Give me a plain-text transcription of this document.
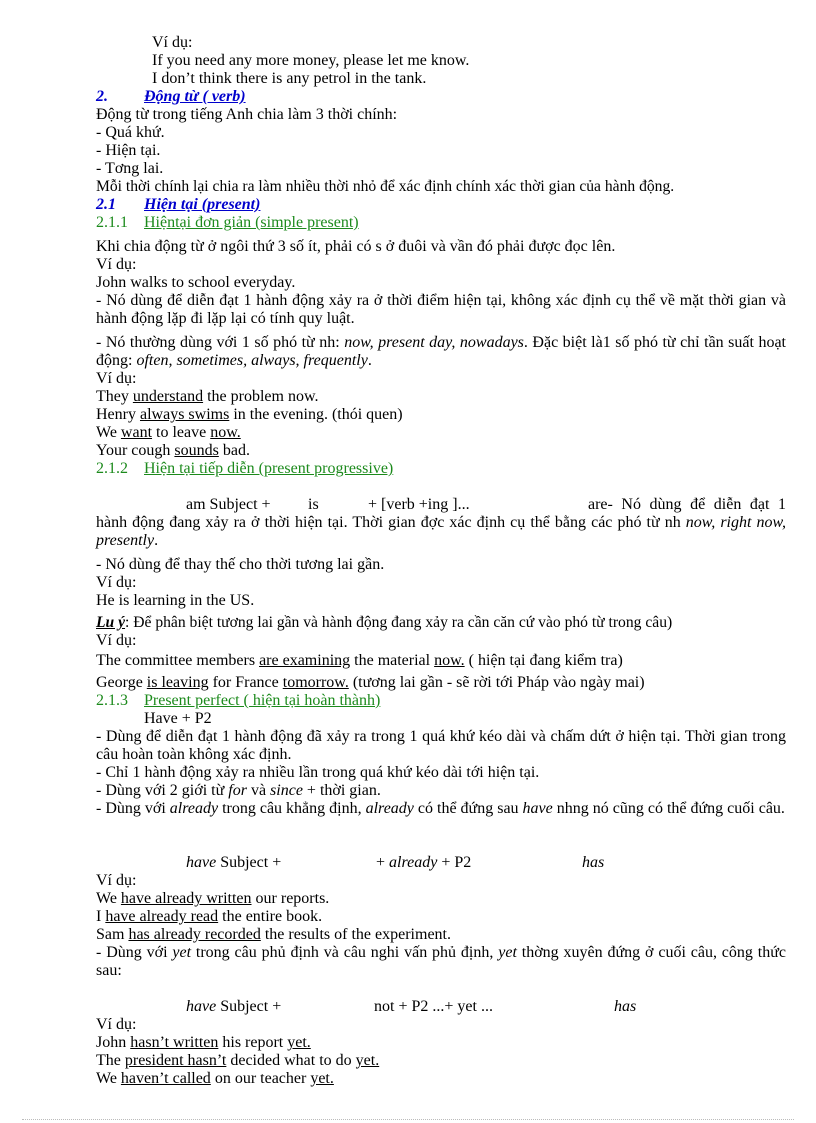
Ví dụ:
If you need any more money, please let me know.
I don’t think there is any petrol in the tank.
2. Động từ ( verb)
Động từ trong tiếng Anh chia làm 3 thời chính:
- Quá khứ.
- Hiện tại.
- Tơng lai.
Mỗi thời chính lại chia ra làm nhiều thời nhỏ để xác định chính xác thời gian của hành động.
2.1 Hiện tại (present)
2.1.1 Hiệntại đơn giản (simple present)
Khi chia động từ ở ngôi thứ 3 số ít, phải có s ở đuôi và vần đó phải được đọc lên.
Ví dụ:
John walks to school everyday.
- Nó dùng để diễn đạt 1 hành động xảy ra ở thời điểm hiện tại, không xác định cụ thể về mặt thời gian và hành động lặp đi lặp lại có tính quy luật.
- Nó thường dùng với 1 số phó từ nh: now, present day, nowadays. Đặc biệt là1 số phó từ chỉ tần suất hoạt động: often, sometimes, always, frequently.
Ví dụ:
They understand the problem now.
Henry always swims in the evening. (thói quen)
We want to leave now.
Your cough sounds bad.
2.1.2 Hiện tại tiếp diễn (present progressive)
am Subject + is	+ [verb +ing ]...	are- Nó dùng để diễn đạt 1
hành động đang xảy ra ở thời hiện tại. Thời gian đợc xác định cụ thể bằng các phó từ nh now, right now, presently.
- Nó dùng để thay thế cho thời tương lai gần.
Ví dụ:
He is learning in the US.
Lu ý: Để phân biệt tương lai gần và hành động đang xảy ra cần căn cứ vào phó từ trong câu)
Ví dụ:
The committee members are examining the material now. ( hiện tại đang kiểm tra)
George is leaving for France tomorrow. (tương lai gần - sẽ rời tới Pháp vào ngày mai)
2.1.3 Present perfect ( hiện tại hoàn thành)
Have + P2
- Dùng để diễn đạt 1 hành động đã xảy ra trong 1 quá khứ kéo dài và chấm dứt ở hiện tại. Thời gian trong câu hoàn toàn không xác định.
- Chỉ 1 hành động xảy ra nhiều lần trong quá khứ kéo dài tới hiện tại.
- Dùng với 2 giới từ for và since + thời gian.
- Dùng với already trong câu khẳng định, already có thể đứng sau have nhng nó cũng có thể đứng cuối câu.
have Subject +	+ already + P2	has
Ví dụ:
We have already written our reports.
I have already read the entire book.
Sam has already recorded the results of the experiment.
- Dùng với yet trong câu phủ định và câu nghi vấn phủ định, yet thờng xuyên đứng ở cuối câu, công thức sau:
have Subject +	not + P2 ...+ yet ...	has
Ví dụ:
John hasn’t written his report yet.
The president hasn’t decided what to do yet.
We haven’t called on our teacher yet.
